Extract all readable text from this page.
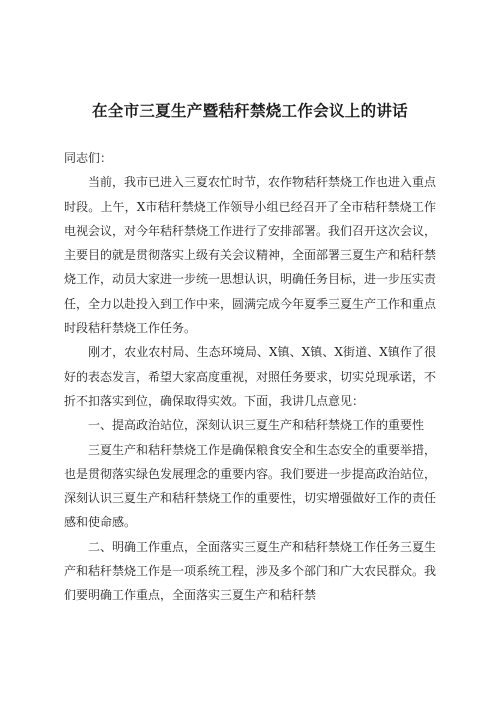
在全市三夏生产暨秸秆禁烧工作会议上的讲话

同志们：

当前，我市已进入三夏农忙时节，农作物秸秆禁烧工作也进入重点时段。上午，X市秸秆禁烧工作领导小组已经召开了全市秸秆禁烧工作电视会议，对今年秸秆禁烧工作进行了安排部署。我们召开这次会议，主要目的就是贯彻落实上级有关会议精神，全面部署三夏生产和秸秆禁烧工作，动员大家进一步统一思想认识，明确任务目标，进一步压实责任，全力以赴投入到工作中来，圆满完成今年夏季三夏生产工作和重点时段秸秆禁烧工作任务。

刚才，农业农村局、生态环境局、X镇、X镇、X街道、X镇作了很好的表态发言，希望大家高度重视，对照任务要求，切实兑现承诺，不折不扣落实到位，确保取得实效。下面，我讲几点意见：

一、提高政治站位，深刻认识三夏生产和秸秆禁烧工作的重要性

三夏生产和秸秆禁烧工作是确保粮食安全和生态安全的重要举措，也是贯彻落实绿色发展理念的重要内容。我们要进一步提高政治站位，深刻认识三夏生产和秸秆禁烧工作的重要性，切实增强做好工作的责任感和使命感。

二、明确工作重点，全面落实三夏生产和秸秆禁烧工作任务三夏生产和秸秆禁烧工作是一项系统工程，涉及多个部门和广大农民群众。我们要明确工作重点，全面落实三夏生产和秸秆禁
